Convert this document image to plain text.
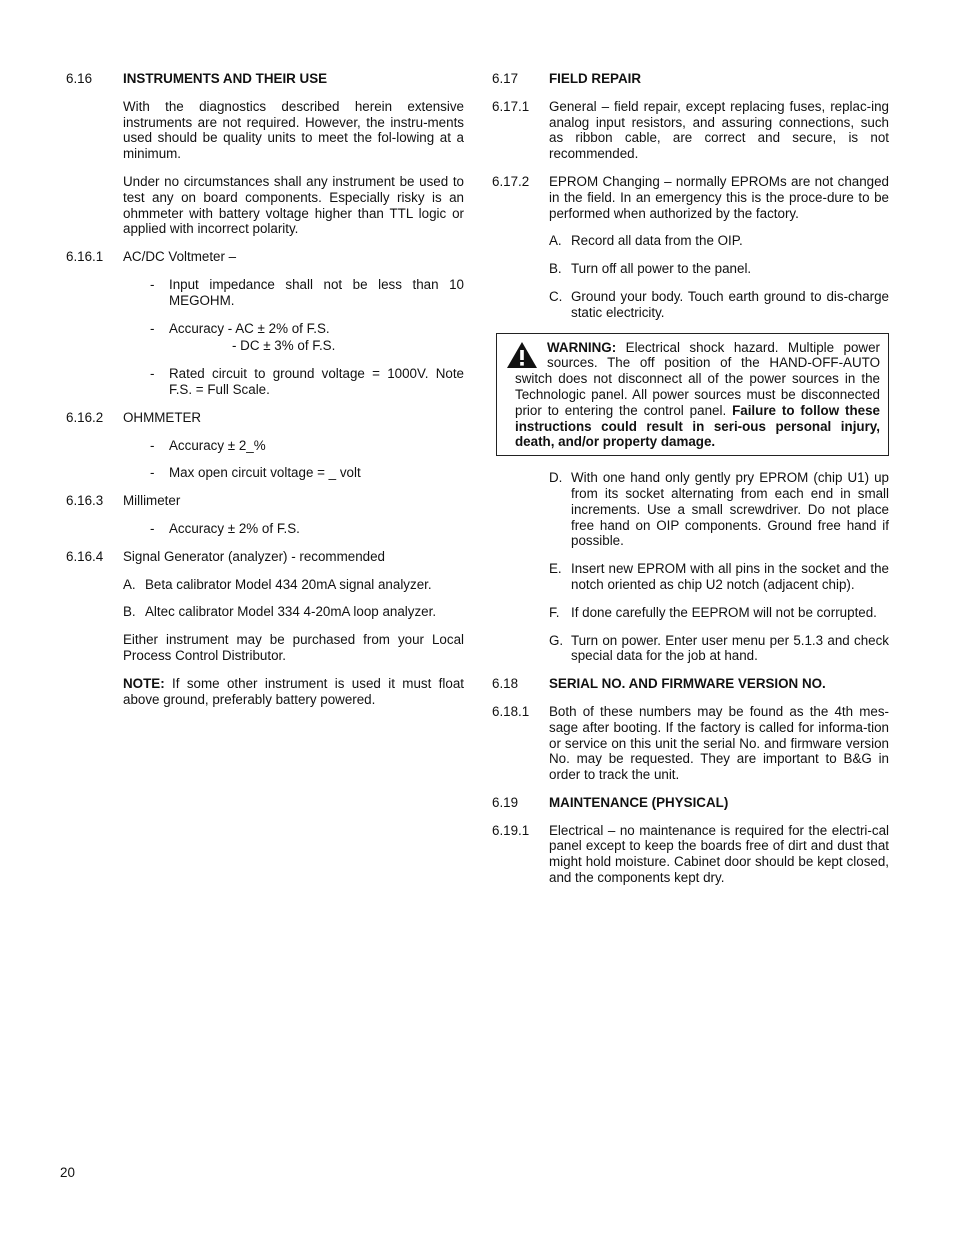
6.16	INSTRUMENTS AND THEIR USE
With the diagnostics described herein extensive instruments are not required. However, the instru-ments used should be quality units to meet the fol-lowing at a minimum.
Under no circumstances shall any instrument be used to test any on board components. Especially risky is an ohmmeter with battery voltage higher than TTL logic or applied with incorrect polarity.
6.16.1	AC/DC Voltmeter –
-	Input impedance shall not be less than 10 MEGOHM.
-	Accuracy - AC ± 2% of F.S.
- DC ± 3% of F.S.
-	Rated circuit to ground voltage = 1000V. Note F.S. = Full Scale.
6.16.2	OHMMETER
-	Accuracy ± 2_%
-	Max open circuit voltage = _ volt
6.16.3	Millimeter
-	Accuracy ± 2% of F.S.
6.16.4	Signal Generator (analyzer) - recommended
A. Beta calibrator Model 434 20mA signal analyzer.
B. Altec calibrator Model 334 4-20mA loop analyzer.
Either instrument may be purchased from your Local Process Control Distributor.
NOTE: If some other instrument is used it must float above ground, preferably battery powered.
6.17	FIELD REPAIR
6.17.1	General – field repair, except replacing fuses, replac-ing analog input resistors, and assuring connections, such as ribbon cable, are correct and secure, is not recommended.
6.17.2	EPROM Changing – normally EPROMs are not changed in the field. In an emergency this is the proce-dure to be performed when authorized by the factory.
A. Record all data from the OIP.
B. Turn off all power to the panel.
C. Ground your body. Touch earth ground to dis-charge static electricity.
WARNING: Electrical shock hazard. Multiple power sources. The off position of the HAND-OFF-AUTO switch does not disconnect all of the power sources in the Technologic panel. All power sources must be disconnected prior to entering the control panel. Failure to follow these instructions could result in seri-ous personal injury, death, and/or property damage.
D. With one hand only gently pry EPROM (chip U1) up from its socket alternating from each end in small increments. Use a small screwdriver. Do not place free hand on OIP components. Ground free hand if possible.
E. Insert new EPROM with all pins in the socket and the notch oriented as chip U2 notch (adjacent chip).
F. If done carefully the EEPROM will not be corrupted.
G. Turn on power. Enter user menu per 5.1.3 and check special data for the job at hand.
6.18	SERIAL NO. AND FIRMWARE VERSION NO.
6.18.1	Both of these numbers may be found as the 4th mes-sage after booting. If the factory is called for informa-tion or service on this unit the serial No. and firmware version No. may be requested. They are important to B&G in order to track the unit.
6.19	MAINTENANCE (PHYSICAL)
6.19.1	Electrical – no maintenance is required for the electri-cal panel except to keep the boards free of dirt and dust that might hold moisture. Cabinet door should be kept closed, and the components kept dry.
20
